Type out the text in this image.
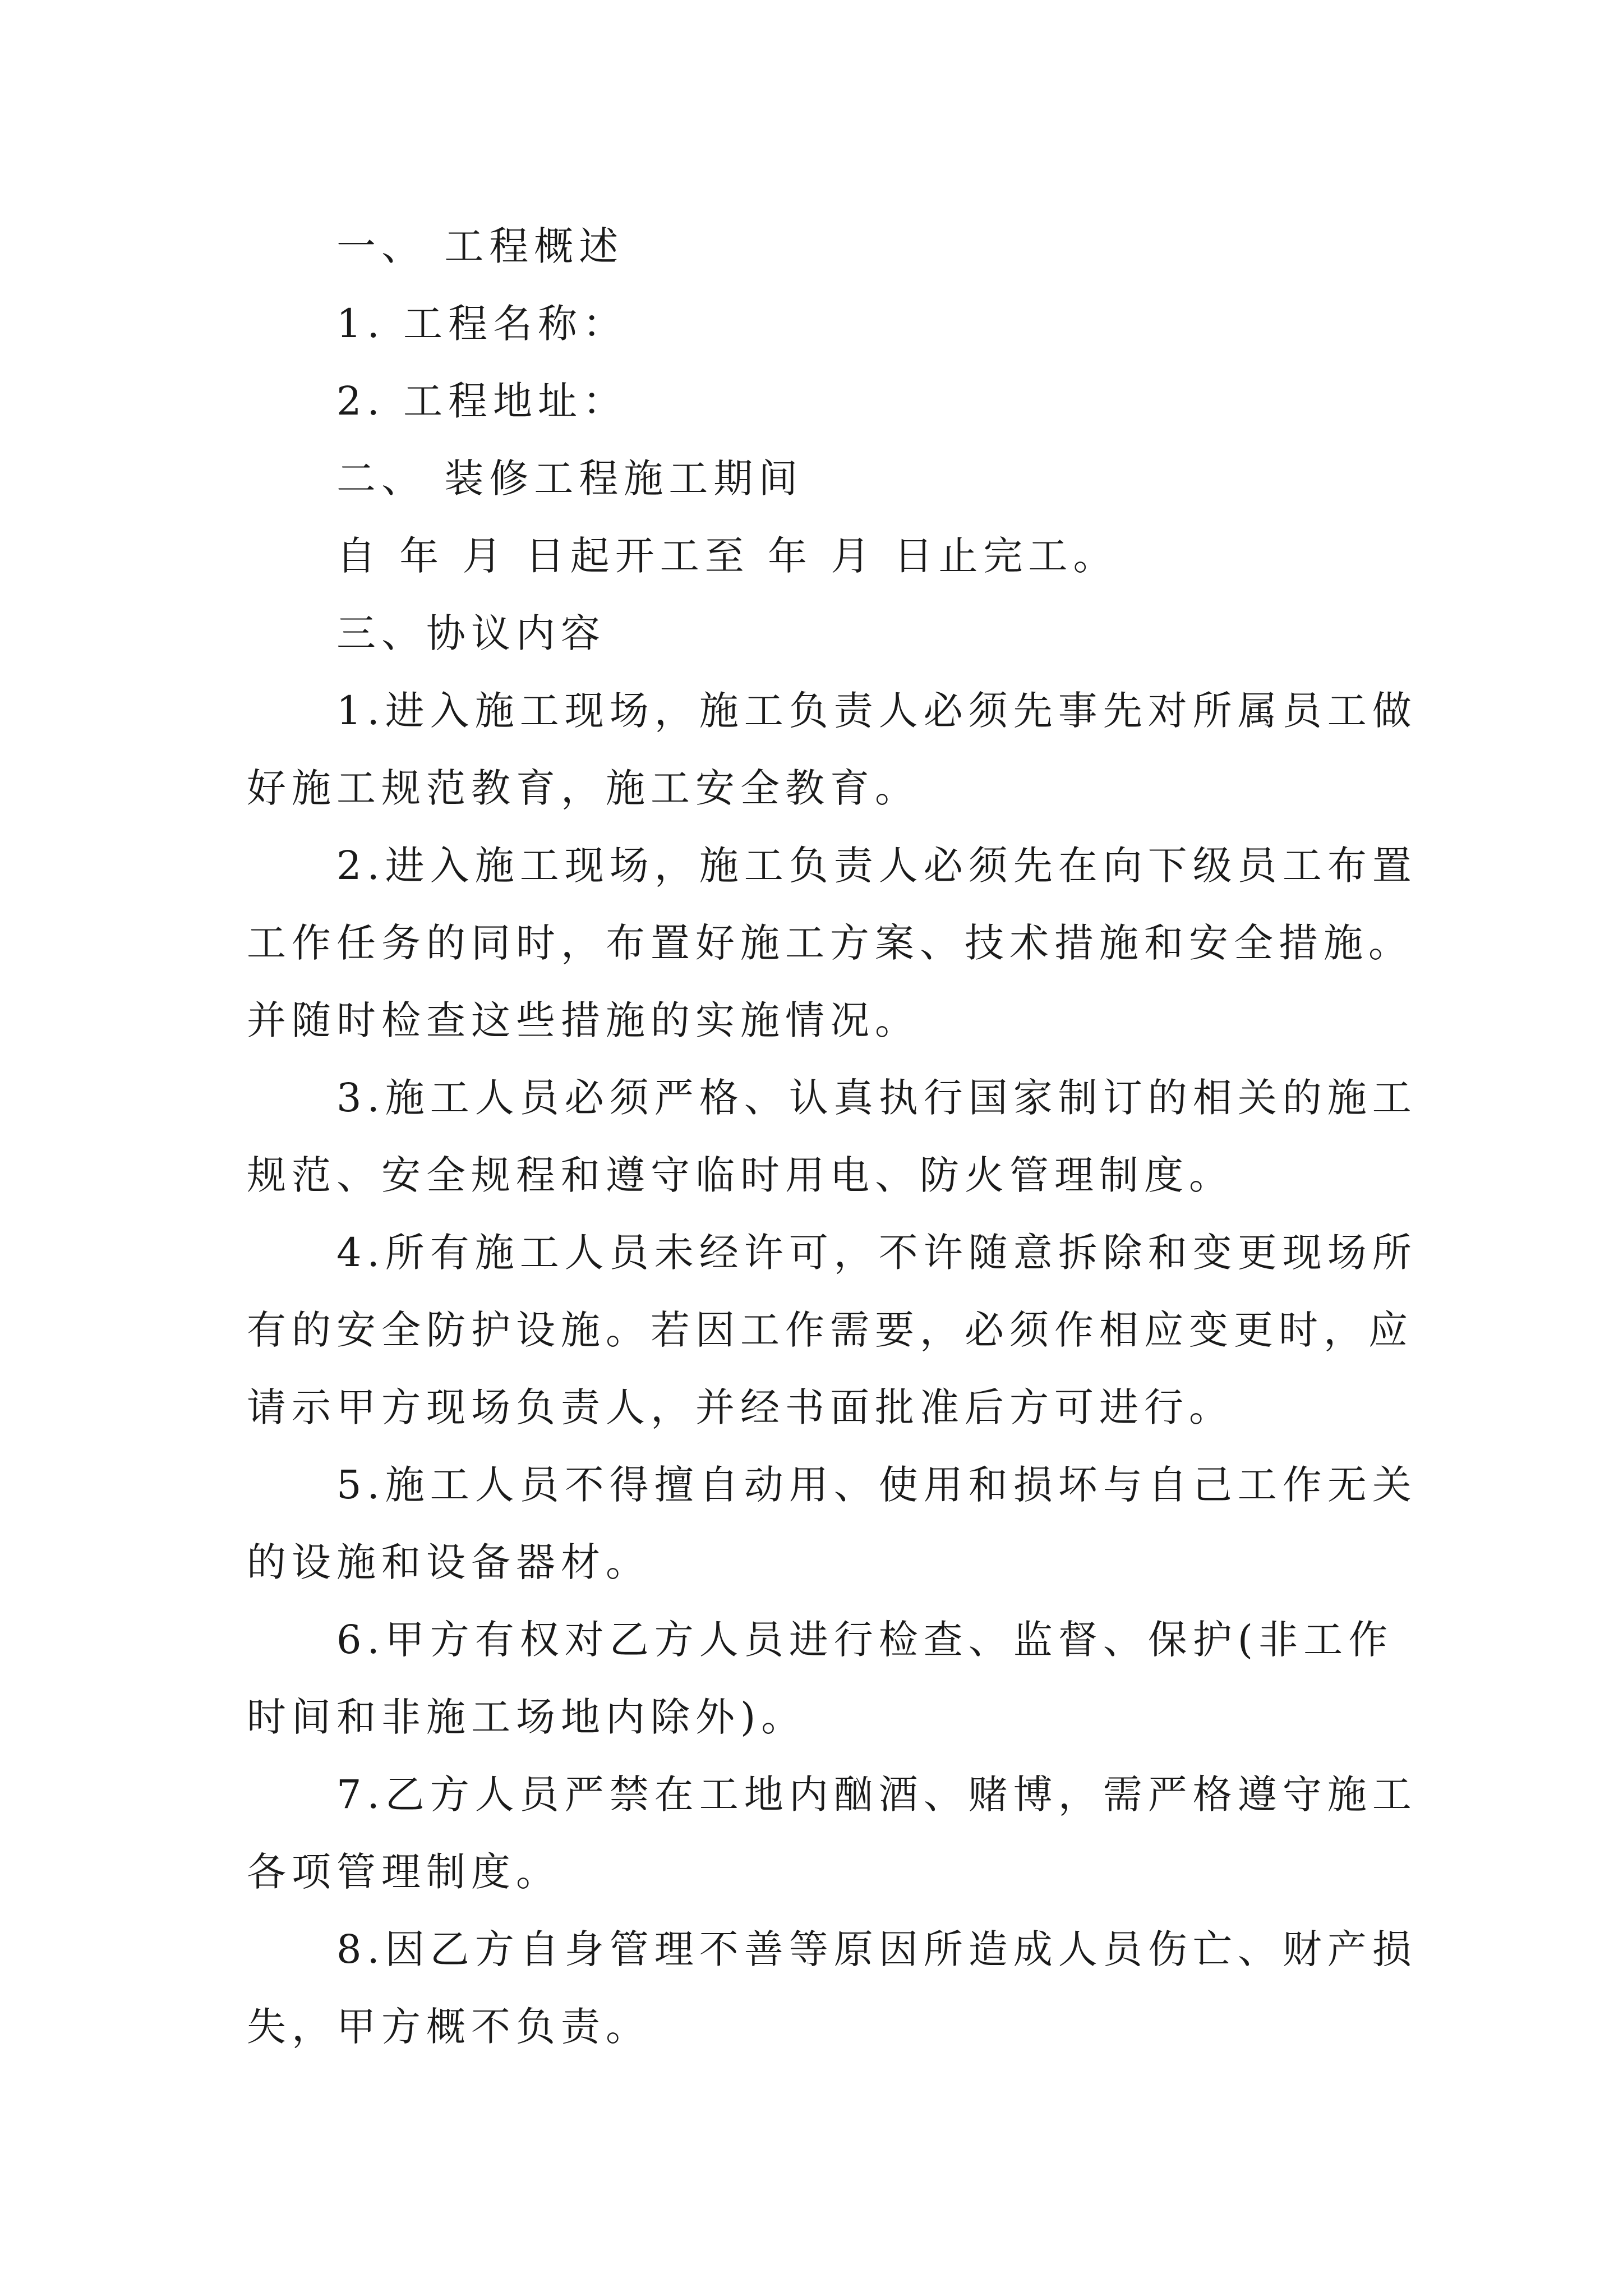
一、 工程概述
1. 工程名称：
2. 工程地址：
二、 装修工程施工期间
自 年 月 日起开工至 年 月 日止完工。
三、协议内容
1.进入施工现场，施工负责人必须先事先对所属员工做
好施工规范教育，施工安全教育。
2.进入施工现场，施工负责人必须先在向下级员工布置
工作任务的同时，布置好施工方案、技术措施和安全措施。
并随时检查这些措施的实施情况。
3.施工人员必须严格、认真执行国家制订的相关的施工
规范、安全规程和遵守临时用电、防火管理制度。
4.所有施工人员未经许可，不许随意拆除和变更现场所
有的安全防护设施。若因工作需要，必须作相应变更时，应
请示甲方现场负责人，并经书面批准后方可进行。
5.施工人员不得擅自动用、使用和损坏与自己工作无关
的设施和设备器材。
6.甲方有权对乙方人员进行检查、监督、保护(非工作
时间和非施工场地内除外)。
7.乙方人员严禁在工地内酗酒、赌博，需严格遵守施工
各项管理制度。
8.因乙方自身管理不善等原因所造成人员伤亡、财产损
失，甲方概不负责。
